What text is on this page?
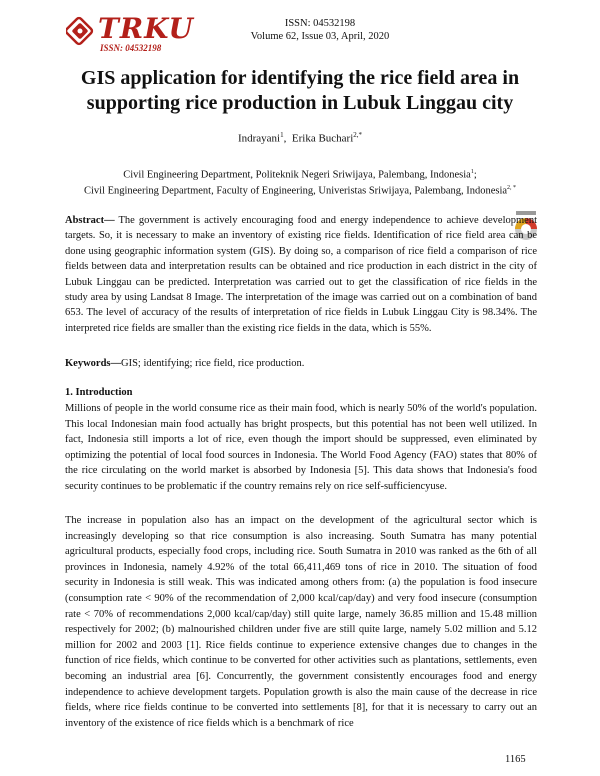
TRKU
ISSN: 04532198
ISSN: 04532198
Volume 62, Issue 03, April, 2020
GIS application for identifying the rice field area in supporting rice production in Lubuk Linggau city
Indrayani$^1$,  Erika Buchari$^{2,*}$
Civil Engineering Department, Politeknik Negeri Sriwijaya, Palembang, Indonesia$^1$;
Civil Engineering Department, Faculty of Engineering, Univeristas Sriwijaya, Palembang, Indonesia$^{2, *}$
Abstract— The government is actively encouraging food and energy independence to achieve development targets. So, it is necessary to make an inventory of existing rice fields. Identification of rice field area can be done using geographic information system (GIS). By doing so, a comparison of rice field a comparison of rice fields between data and interpretation results can be obtained and rice production in each district in the city of Lubuk Linggau can be predicted. Interpretation was carried out to get the classification of rice fields in the study area by using Landsat 8 Image. The interpretation of the image was carried out on a combination of band 653. The level of accuracy of the results of interpretation of rice fields in Lubuk Linggau City is 98.34%. The interpreted rice fields are smaller than the existing rice fields in the data, which is 55%.
Keywords—GIS; identifying; rice field, rice production.
1. Introduction
Millions of people in the world consume rice as their main food, which is nearly 50% of the world's population. This local Indonesian main food actually has bright prospects, but this potential has not been well utilized. In fact, Indonesia still imports a lot of rice, even though the import should be suppressed, even eliminated by optimizing the potential of local food sources in Indonesia. The World Food Agency (FAO) states that 80% of the rice circulating on the world market is absorbed by Indonesia [5]. This data shows that Indonesia's food security continues to be problematic if the country remains rely on rice self-sufficiencyuse.
The increase in population also has an impact on the development of the agricultural sector which is increasingly developing so that rice consumption is also increasing. South Sumatra has many potential agricultural products, especially food crops, including rice. South Sumatra in 2010 was ranked as the 6th of all provinces in Indonesia, namely 4.92% of the total 66,411,469 tons of rice in 2010. The situation of food security in Indonesia is still weak. This was indicated among others from: (a) the population is food insecure (consumption rate < 90% of the recommendation of 2,000 kcal/cap/day) and very food insecure (consumption rate < 70% of recommendations 2,000 kcal/cap/day) still quite large, namely 36.85 million and 15.48 million respectively for 2002; (b) malnourished children under five are still quite large, namely 5.02 million and 5.12 million for 2002 and 2003 [1]. Rice fields continue to experience extensive changes due to changes in the function of rice fields, which continue to be converted for other activities such as plantations, settlements, even becoming an industrial area [6]. Concurrently, the government consistently encourages food and energy independence to achieve development targets. Population growth is also the main cause of the decrease in rice fields, where rice fields continue to be converted into settlements [8], for that it is necessary to carry out an inventory of the existence of rice fields which is a benchmark of rice
1165
